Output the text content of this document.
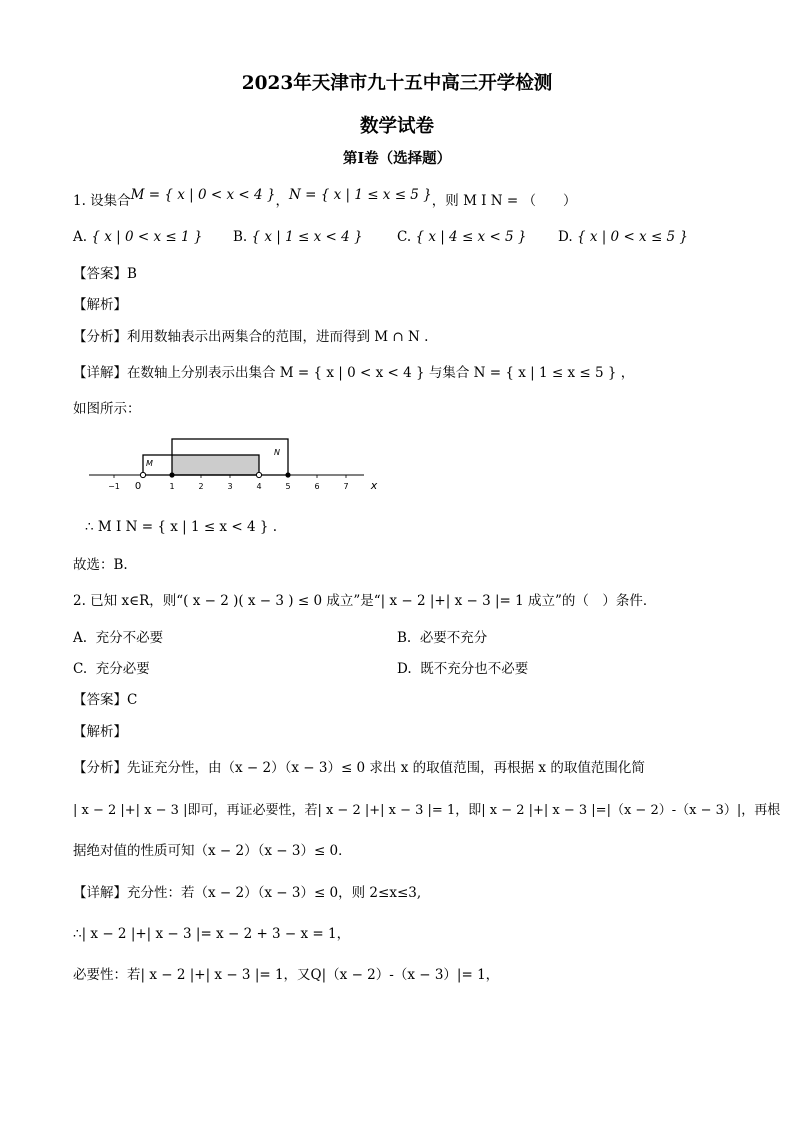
2023年天津市九十五中高三开学检测
数学试卷
第I卷（选择题）
1. 设集合M = { x | 0 < x < 4 }，N = { x | 1 ≤ x ≤ 5 }，则 M I N = （　　）
A. { x | 0 < x ≤ 1 } B. { x | 1 ≤ x < 4 }	C. { x | 4 ≤ x < 5 } D. { x | 0 < x ≤ 5 }
【答案】B
【解析】
【分析】利用数轴表示出两集合的范围，进而得到 M ∩ N .
【详解】在数轴上分别表示出集合 M = { x | 0 < x < 4 } 与集合 N = { x | 1 ≤ x ≤ 5 } ，
如图所示：
M
N
−1 0	1	2	3	4	5	6	7 x
∴ M I N = { x | 1 ≤ x < 4 } .
故选：B.
2. 已知 x∈R，则“( x − 2 )( x − 3 ) ≤ 0 成立”是“| x − 2 |+| x − 3 |= 1 成立”的（　）条件．
A. 充分不必要	B. 必要不充分
C. 充分必要	D. 既不充分也不必要
【答案】C
【解析】
【分析】先证充分性，由（x − 2）（x − 3）≤ 0 求出 x 的取值范围，再根据 x 的取值范围化简
| x − 2 |+| x − 3 |即可，再证必要性，若| x − 2 |+| x − 3 |= 1，即| x − 2 |+| x − 3 |=|（x − 2）-（x − 3）|，再根
据绝对值的性质可知（x − 2）（x − 3）≤ 0．
【详解】充分性：若（x − 2）（x − 3）≤ 0，则 2≤x≤3,
∴| x − 2 |+| x − 3 |= x − 2 + 3 − x = 1，
必要性：若| x − 2 |+| x − 3 |= 1，又Q|（x − 2）-（x − 3）|= 1，
